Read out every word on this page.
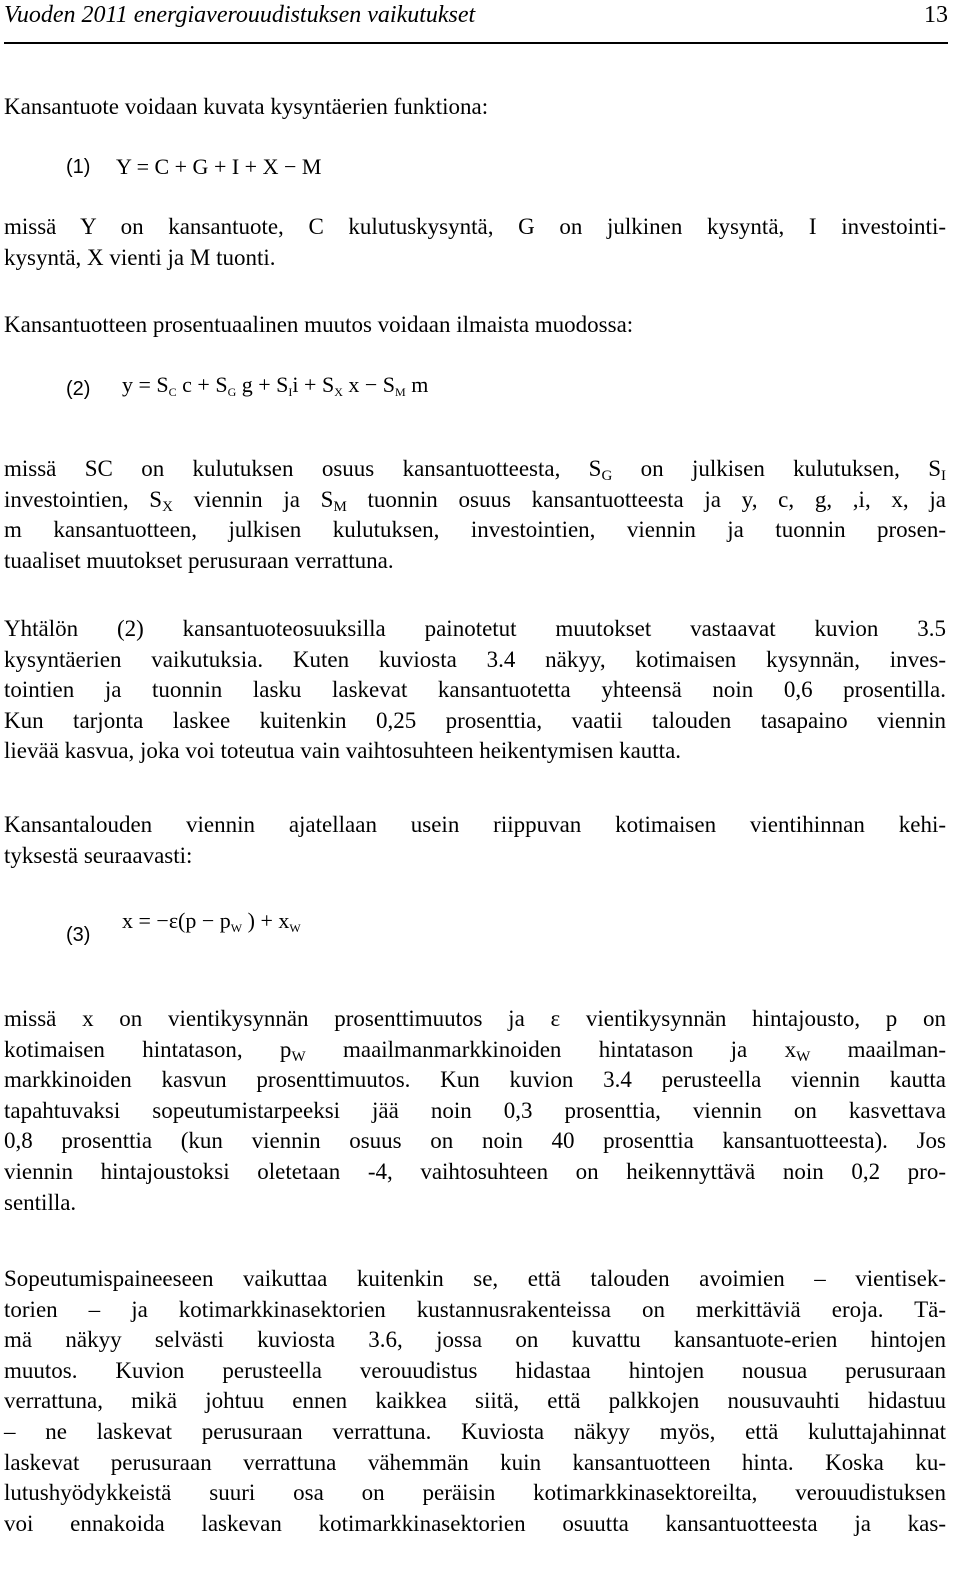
Vuoden 2011 energiaverouudistuksen vaikutukset	13

Kansantuote voidaan kuvata kysyntäerien funktiona:

(1) Y = C + G + I + X − M

missä Y on kansantuote, C kulutuskysyntä, G on julkinen kysyntä, I investointi-
kysyntä, X vienti ja M tuonti.

Kansantuotteen prosentuaalinen muutos voidaan ilmaista muodossa:

(2) y = SC c + SG g + SIi + SX x − SM m

missä SC on kulutuksen osuus kansantuotteesta, $S_G$ on julkisen kulutuksen, $S_I$
investointien, $S_X$ viennin ja $S_M$ tuonnin osuus kansantuotteesta ja y, c, g, ,i, x, ja
m kansantuotteen, julkisen kulutuksen, investointien, viennin ja tuonnin prosen-
tuaaliset muutokset perusuraan verrattuna.

Yhtälön (2) kansantuoteosuuksilla painotetut muutokset vastaavat kuvion 3.5
kysyntäerien vaikutuksia. Kuten kuviosta 3.4 näkyy, kotimaisen kysynnän, inves-
tointien ja tuonnin lasku laskevat kansantuotetta yhteensä noin 0,6 prosentilla.
Kun tarjonta laskee kuitenkin 0,25 prosenttia, vaatii talouden tasapaino viennin
lievää kasvua, joka voi toteutua vain vaihtosuhteen heikentymisen kautta.

Kansantalouden viennin ajatellaan usein riippuvan kotimaisen vientihinnan kehi-
tyksestä seuraavasti:

(3)
x = −ε(p − pW ) + xW

missä x on vientikysynnän prosenttimuutos ja ε vientikysynnän hintajousto, p on
kotimaisen hintatason, $p_W$ maailmanmarkkinoiden hintatason ja $x_W$ maailman-
markkinoiden kasvun prosenttimuutos. Kun kuvion 3.4 perusteella viennin kautta
tapahtuvaksi sopeutumistarpeeksi jää noin 0,3 prosenttia, viennin on kasvettava
0,8 prosenttia (kun viennin osuus on noin 40 prosenttia kansantuotteesta). Jos
viennin hintajoustoksi oletetaan -4, vaihtosuhteen on heikennyttävä noin 0,2 pro-
sentilla.

Sopeutumispaineeseen vaikuttaa kuitenkin se, että talouden avoimien – vientisek-
torien – ja kotimarkkinasektorien kustannusrakenteissa on merkittäviä eroja. Tä-
mä näkyy selvästi kuviosta 3.6, jossa on kuvattu kansantuote-erien hintojen
muutos. Kuvion perusteella verouudistus hidastaa hintojen nousua perusuraan
verrattuna, mikä johtuu ennen kaikkea siitä, että palkkojen nousuvauhti hidastuu
– ne laskevat perusuraan verrattuna. Kuviosta näkyy myös, että kuluttajahinnat
laskevat perusuraan verrattuna vähemmän kuin kansantuotteen hinta. Koska ku-
lutushyödykkeistä suuri osa on peräisin kotimarkkinasektoreilta, verouudistuksen
voi ennakoida laskevan kotimarkkinasektorien osuutta kansantuotteesta ja kas-
